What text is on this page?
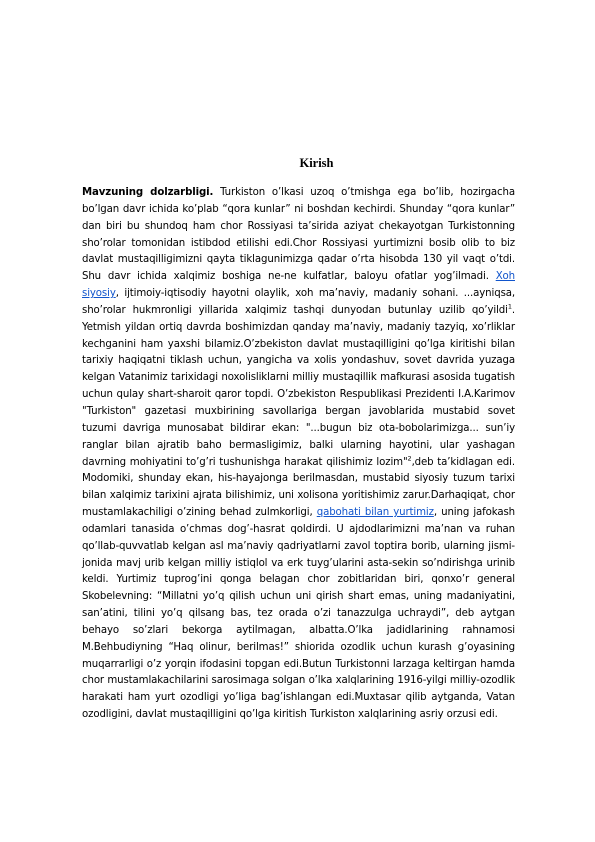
Kirish

Mavzuning dolzarbligi. Turkiston o’lkasi uzoq o’tmishga ega bo’lib, hozirgacha bo’lgan davr ichida ko’plab “qora kunlar” ni boshdan kechirdi. Shunday “qora kunlar” dan biri bu shundoq ham chor Rossiyasi ta’sirida aziyat chekayotgan Turkistonning sho’rolar tomonidan istibdod etilishi edi.Chor Rossiyasi yurtimizni bosib olib to biz davlat mustaqilligimizni qayta tiklagunimizga qadar o’rta hisobda 130 yil vaqt o’tdi. Shu davr ichida xalqimiz boshiga ne-ne kulfatlar, baloyu ofatlar yog’ilmadi. Xoh siyosiy, ijtimoiy-iqtisodiy hayotni olaylik, xoh ma’naviy, madaniy sohani. ...ayniqsa, sho’rolar hukmronligi yillarida xalqimiz tashqi dunyodan butunlay uzilib qo’yildi$^1$. Yetmish yildan ortiq davrda boshimizdan qanday ma’naviy, madaniy tazyiq, xo’rliklar kechganini ham yaxshi bilamiz.O’zbekiston davlat mustaqilligini qo’lga kiritishi bilan tarixiy haqiqatni tiklash uchun, yangicha va xolis yondashuv, sovet davrida yuzaga kelgan Vatanimiz tarixidagi noxolisliklarni milliy mustaqillik mafkurasi asosida tugatish uchun qulay shart-sharoit qaror topdi. O’zbekiston Respublikasi Prezidenti I.A.Karimov "Turkiston" gazetasi muxbirining savollariga bergan javoblarida mustabid sovet tuzumi davriga munosabat bildirar ekan: "...bugun biz ota-bobolarimizga... sun’iy ranglar bilan ajratib baho bermasligimiz, balki ularning hayotini, ular yashagan davrning mohiyatini to’g’ri tushunishga harakat qilishimiz lozim"$^2$,deb ta’kidlagan edi. Modomiki, shunday ekan, his-hayajonga berilmasdan, mustabid siyosiy tuzum tarixi bilan xalqimiz tarixini ajrata bilishimiz, uni xolisona yoritishimiz zarur.Darhaqiqat, chor mustamlakachiligi o’zining behad zulmkorligi, qabohati bilan yurtimiz, uning jafokash odamlari tanasida o’chmas dog’-hasrat qoldirdi. U ajdodlarimizni ma’nan va ruhan qo’llab-quvvatlab kelgan asl ma’naviy qadriyatlarni zavol toptira borib, ularning jismi-jonida mavj urib kelgan milliy istiqlol va erk tuyg’ularini asta-sekin so’ndirishga urinib keldi. Yurtimiz tuprog’ini qonga belagan chor zobitlaridan biri, qonxo’r general Skobelevning: “Millatni yo’q qilish uchun uni qirish shart emas, uning madaniyatini, san’atini, tilini yo’q qilsang bas, tez orada o’zi tanazzulga uchraydi”, deb aytgan behayo so’zlari bekorga aytilmagan, albatta.O’lka jadidlarining rahnamosi M.Behbudiyning “Haq olinur, berilmas!” shiorida ozodlik uchun kurash g’oyasining muqarrarligi o’z yorqin ifodasini topgan edi.Butun Turkistonni larzaga keltirgan hamda chor mustamlakachilarini sarosimaga solgan o’lka xalqlarining 1916-yilgi milliy-ozodlik harakati ham yurt ozodligi yo’liga bag’ishlangan edi.Muxtasar qilib aytganda, Vatan ozodligini, davlat mustaqilligini qo’lga kiritish Turkiston xalqlarining asriy orzusi edi.
